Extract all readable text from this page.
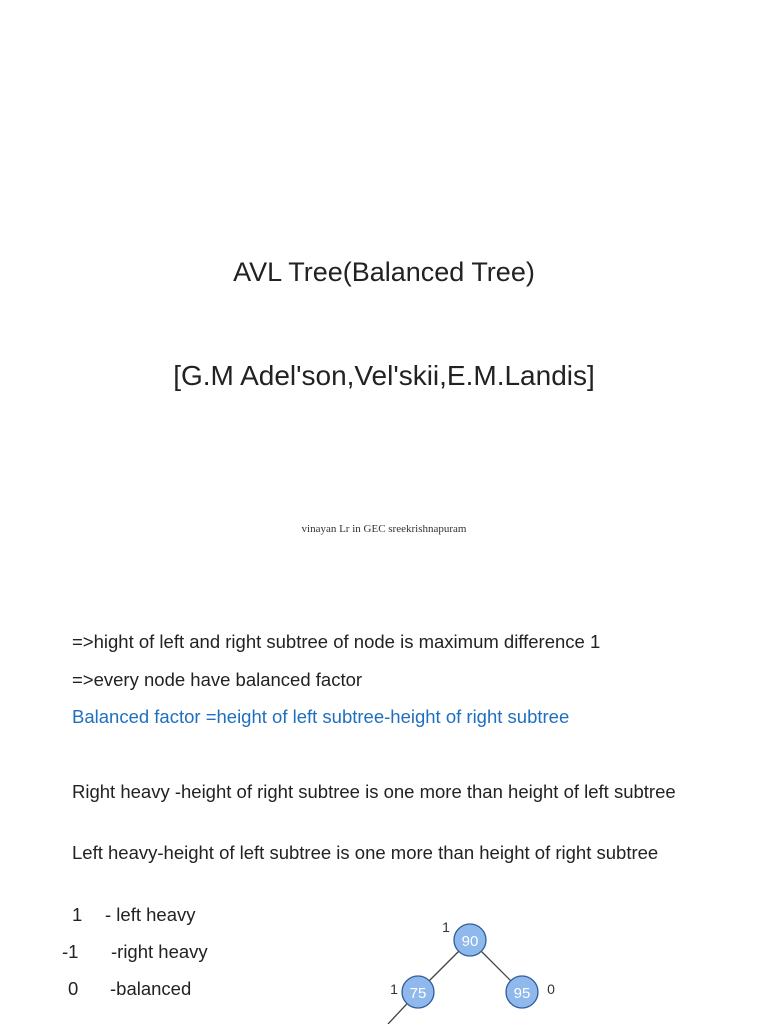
AVL Tree(Balanced Tree)
[G.M Adel'son,Vel'skii,E.M.Landis]
vinayan Lr in GEC sreekrishnapuram
=>hight of left and right subtree of node is maximum difference 1
=>every node have balanced factor
Balanced factor =height of left subtree-height of right subtree
Right heavy -height of right subtree is one more than height of left subtree
Left heavy-height of left subtree is one more than height of right subtree
1 - left heavy
-1 -right heavy
0 -balanced
90
75	95
1
1	0
